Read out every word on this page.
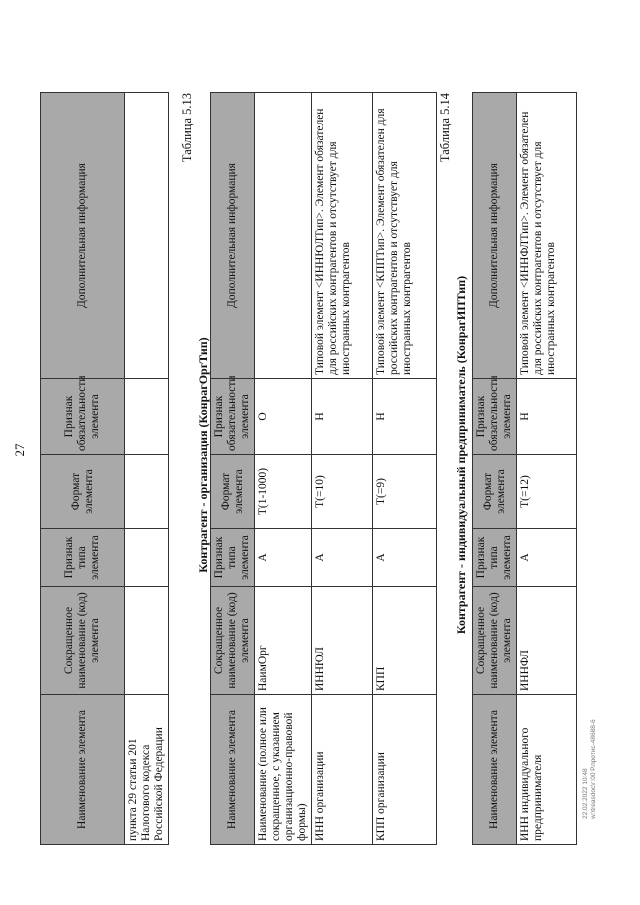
27
Наименование элемента	Сокращенное наименование (код) элемента	Признак типа элемента	Формат элемента	Признак обязательности элемента	Дополнительная информация
пункта 29 статьи 201 Налогового кодекса Российской Федерации					
Таблица 5.13
Контрагент - организация (КонрагОргТип)
Наименование элемента	Сокращенное наименование (код) элемента	Признак типа элемента	Формат элемента	Признак обязательности элемента	Дополнительная информация
Наименование (полное или сокращенное, с указанием организационно-правовой формы)	НаимОрг	А	Т(1-1000)	О	
ИНН организации	ИННЮЛ	А	Т(=10)	Н	Типовой элемент <ИННЮЛТип>. Элемент обязателен для российских контрагентов и отсутствует для иностранных контрагентов
КПП организации	КПП	А	Т(=9)	Н	Типовой элемент <КППТип>. Элемент обязателен для российских контрагентов и отсутствует для иностранных контрагентов
Таблица 5.14
Контрагент - индивидуальный предприниматель (КонрагИПТип)
Наименование элемента	Сокращенное наименование (код) элемента	Признак типа элемента	Формат элемента	Признак обязательности элемента	Дополнительная информация
ИНН индивидуального предпринимателя	ИННФЛ	А	Т(=12)	Н	Типовой элемент <ИННФЛТип>. Элемент обязателен для российских контрагентов и отсутствует для иностранных контрагентов
22.02.2022 10:48 w:\treasdoc\г:00 Р.протис-48688-6
